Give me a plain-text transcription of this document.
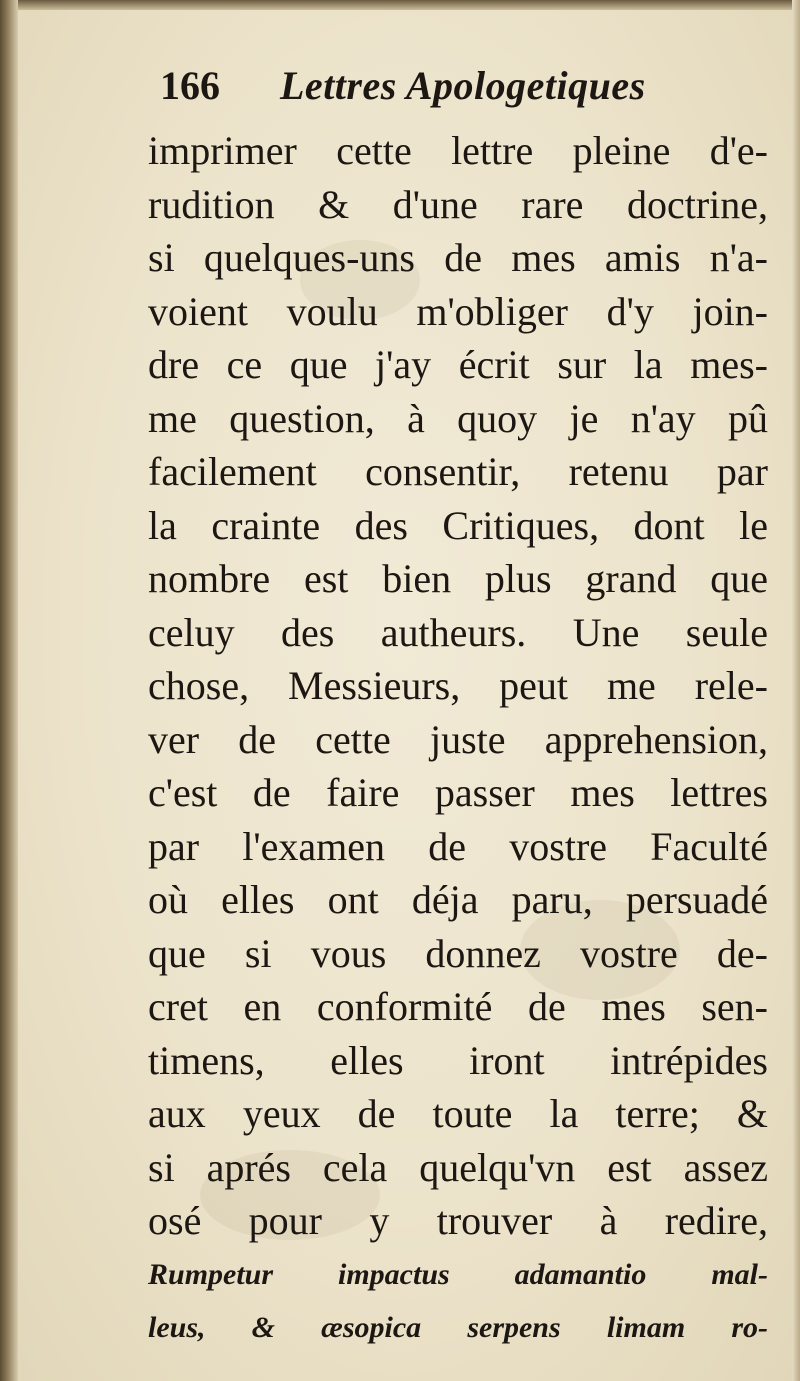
166	Lettres Apologetiques
imprimer cette lettre pleine d'e-
rudition & d'une rare doctrine,
si quelques-uns de mes amis n'a-
voient voulu m'obliger d'y join-
dre ce que j'ay écrit sur la mes-
me question, à quoy je n'ay pû
facilement consentir, retenu par
la crainte des Critiques, dont le
nombre est bien plus grand que
celuy des autheurs. Une seule
chose, Messieurs, peut me rele-
ver de cette juste apprehension,
c'est de faire passer mes lettres
par l'examen de vostre Faculté
où elles ont déja paru, persuadé
que si vous donnez vostre de-
cret en conformité de mes sen-
timens, elles iront intrépides
aux yeux de toute la terre; &
si aprés cela quelqu'vn est assez
osé pour y trouver à redire,
Rumpetur impactus adamantio mal-
leus, & æsopica serpens limam ro-
